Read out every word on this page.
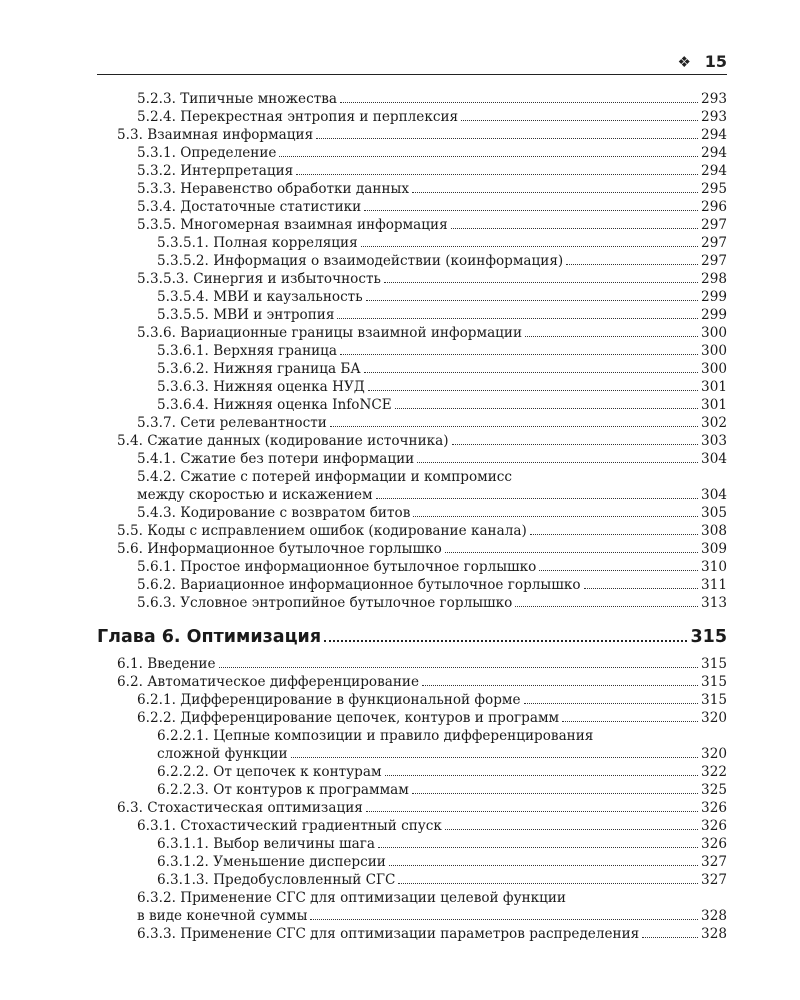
❖ 15
5.2.3. Типичные множества	293
5.2.4. Перекрестная энтропия и перплексия	293
5.3. Взаимная информация	294
5.3.1. Определение	294
5.3.2. Интерпретация	294
5.3.3. Неравенство обработки данных	295
5.3.4. Достаточные статистики	296
5.3.5. Многомерная взаимная информация	297
5.3.5.1. Полная корреляция	297
5.3.5.2. Информация о взаимодействии (коинформация)	297
5.3.5.3. Синергия и избыточность	298
5.3.5.4. МВИ и каузальность	299
5.3.5.5. МВИ и энтропия	299
5.3.6. Вариационные границы взаимной информации	300
5.3.6.1. Верхняя граница	300
5.3.6.2. Нижняя граница БА	300
5.3.6.3. Нижняя оценка НУД	301
5.3.6.4. Нижняя оценка InfoNCE	301
5.3.7. Сети релевантности	302
5.4. Сжатие данных (кодирование источника)	303
5.4.1. Сжатие без потери информации	304
5.4.2. Сжатие с потерей информации и компромисс
между скоростью и искажением	304
5.4.3. Кодирование с возвратом битов	305
5.5. Коды с исправлением ошибок (кодирование канала)	308
5.6. Информационное бутылочное горлышко	309
5.6.1. Простое информационное бутылочное горлышко	310
5.6.2. Вариационное информационное бутылочное горлышко	311
5.6.3. Условное энтропийное бутылочное горлышко	313
Глава 6. Оптимизация	315
6.1. Введение	315
6.2. Автоматическое дифференцирование	315
6.2.1. Дифференцирование в функциональной форме	315
6.2.2. Дифференцирование цепочек, контуров и программ	320
6.2.2.1. Цепные композиции и правило дифференцирования
сложной функции	320
6.2.2.2. От цепочек к контурам	322
6.2.2.3. От контуров к программам	325
6.3. Стохастическая оптимизация	326
6.3.1. Стохастический градиентный спуск	326
6.3.1.1. Выбор величины шага	326
6.3.1.2. Уменьшение дисперсии	327
6.3.1.3. Предобусловленный СГС	327
6.3.2. Применение СГС для оптимизации целевой функции
в виде конечной суммы	328
6.3.3. Применение СГС для оптимизации параметров распределения	328
